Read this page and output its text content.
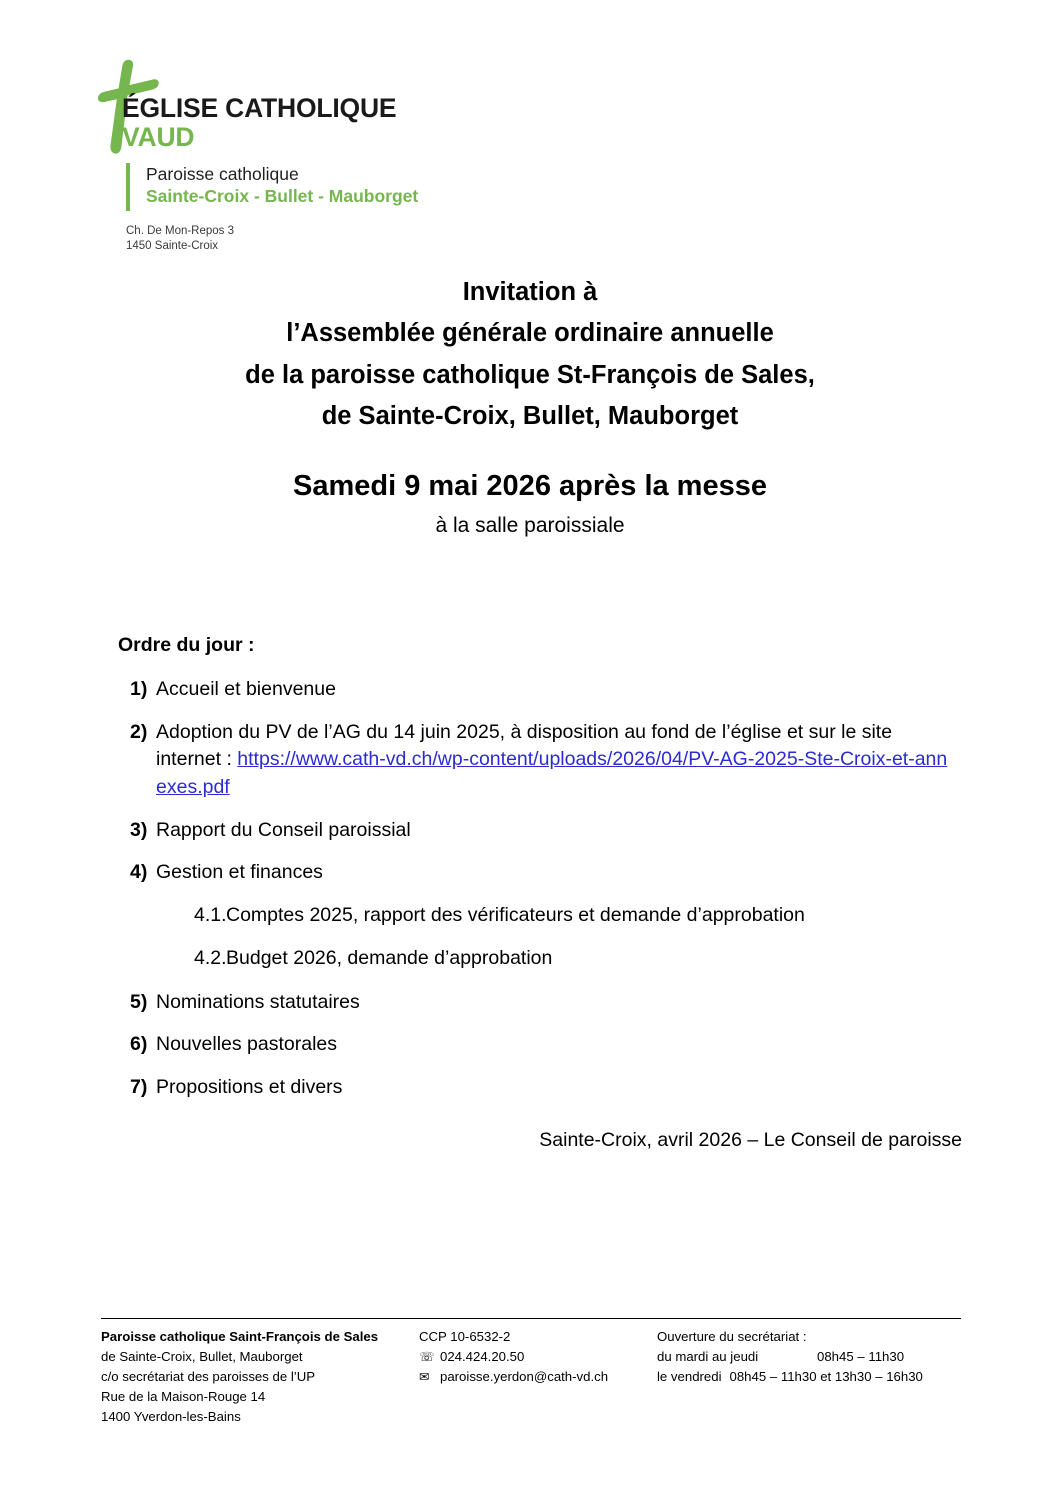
ÉGLISE CATHOLIQUE
VAUD
Paroisse catholique
Sainte-Croix - Bullet - Mauborget
Ch. De Mon-Repos 3
1450 Sainte-Croix
Invitation à
l’Assemblée générale ordinaire annuelle
de la paroisse catholique St-François de Sales,
de Sainte-Croix, Bullet, Mauborget
Samedi 9 mai 2026 après la messe
à la salle paroissiale
Ordre du jour :
1) Accueil et bienvenue
2) Adoption du PV de l’AG du 14 juin 2025, à disposition au fond de l’église et sur le site internet : https://www.cath-vd.ch/wp-content/uploads/2026/04/PV-AG-2025-Ste-Croix-et-annexes.pdf
3) Rapport du Conseil paroissial
4) Gestion et finances
4.1. Comptes 2025, rapport des vérificateurs et demande d’approbation
4.2. Budget 2026, demande d’approbation
5) Nominations statutaires
6) Nouvelles pastorales
7) Propositions et divers
Sainte-Croix, avril 2026 – Le Conseil de paroisse
Paroisse catholique Saint-François de Sales
de Sainte-Croix, Bullet, Mauborget
c/o secrétariat des paroisses de l’UP
Rue de la Maison-Rouge 14
1400 Yverdon-les-Bains
CCP 10-6532-2
☏ 024.424.20.50
✉ paroisse.yerdon@cath-vd.ch
Ouverture du secrétariat :
du mardi au jeudi	08h45 – 11h30
le vendredi 08h45 – 11h30 et 13h30 – 16h30
